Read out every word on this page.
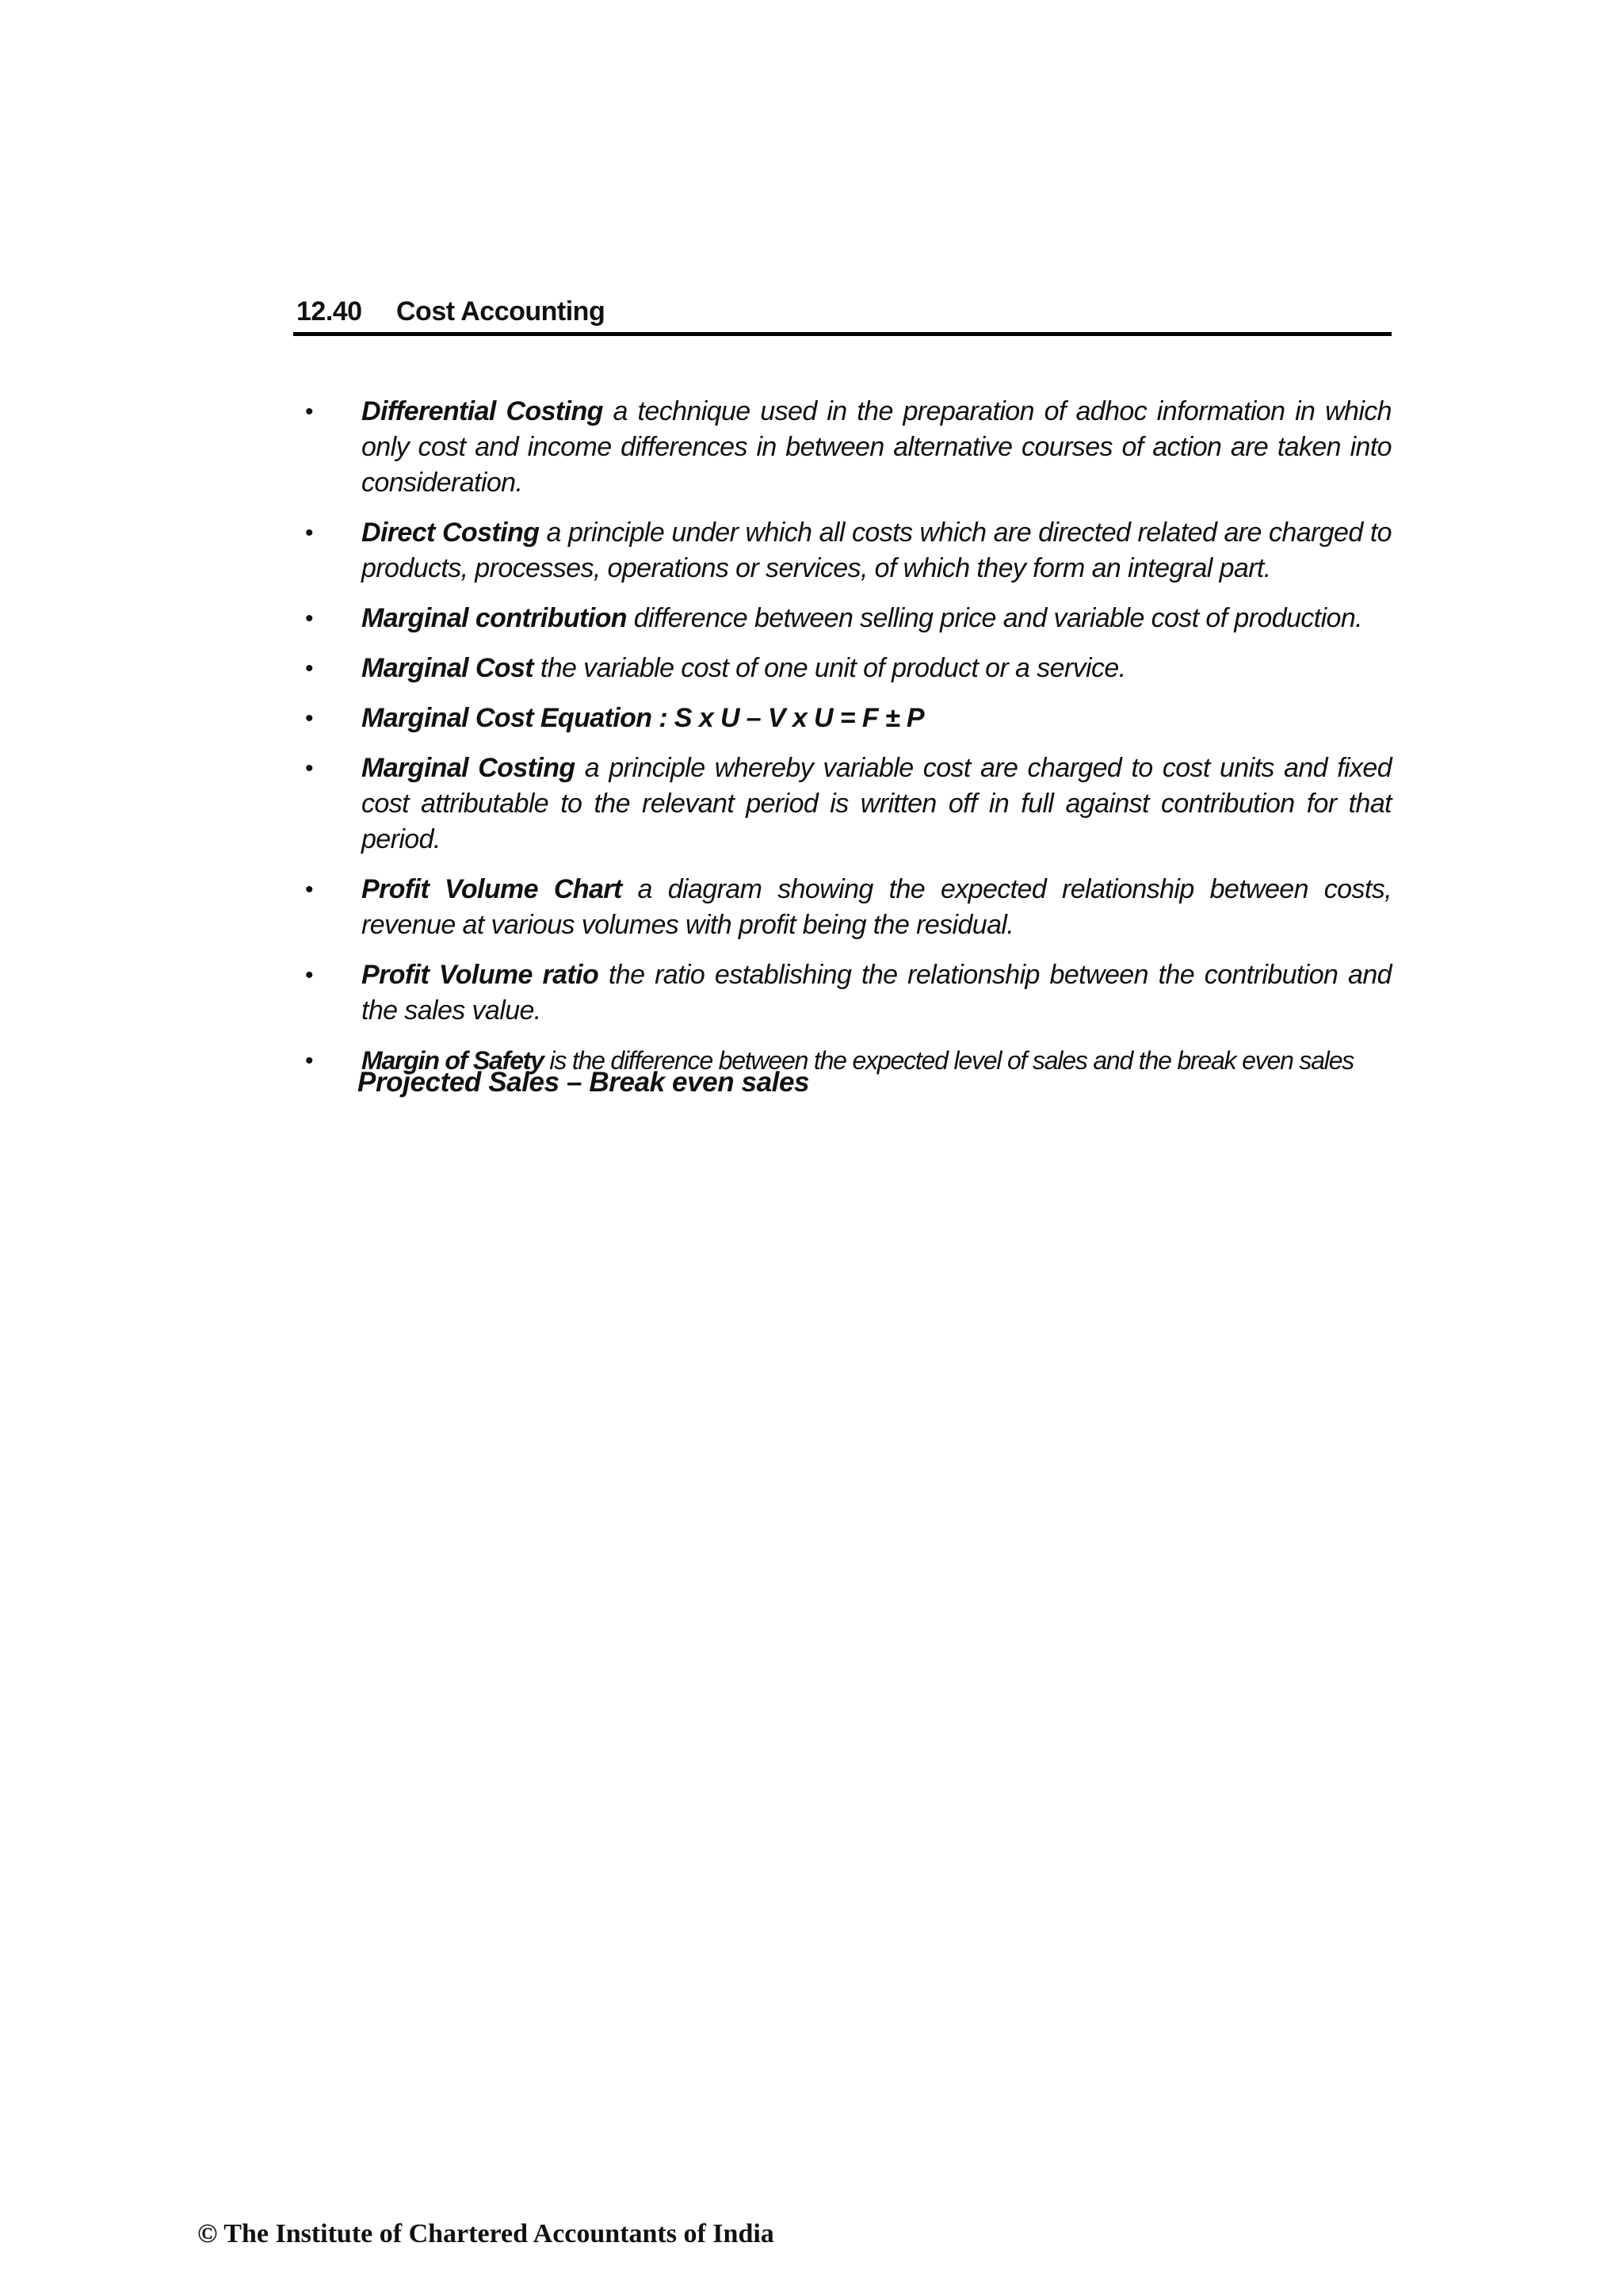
12.40 Cost Accounting
• Differential Costing a technique used in the preparation of adhoc information in which only cost and income differences in between alternative courses of action are taken into consideration.
• Direct Costing a principle under which all costs which are directed related are charged to products, processes, operations or services, of which they form an integral part.
• Marginal contribution difference between selling price and variable cost of production.
• Marginal Cost the variable cost of one unit of product or a service.
• Marginal Cost Equation : S x U – V x U = F ± P
• Marginal Costing a principle whereby variable cost are charged to cost units and fixed cost attributable to the relevant period is written off in full against contribution for that period.
• Profit Volume Chart a diagram showing the expected relationship between costs, revenue at various volumes with profit being the residual.
• Profit Volume ratio the ratio establishing the relationship between the contribution and the sales value.
• Margin of Safety is the difference between the expected level of sales and the break even sales
Projected Sales – Break even sales
© The Institute of Chartered Accountants of India
